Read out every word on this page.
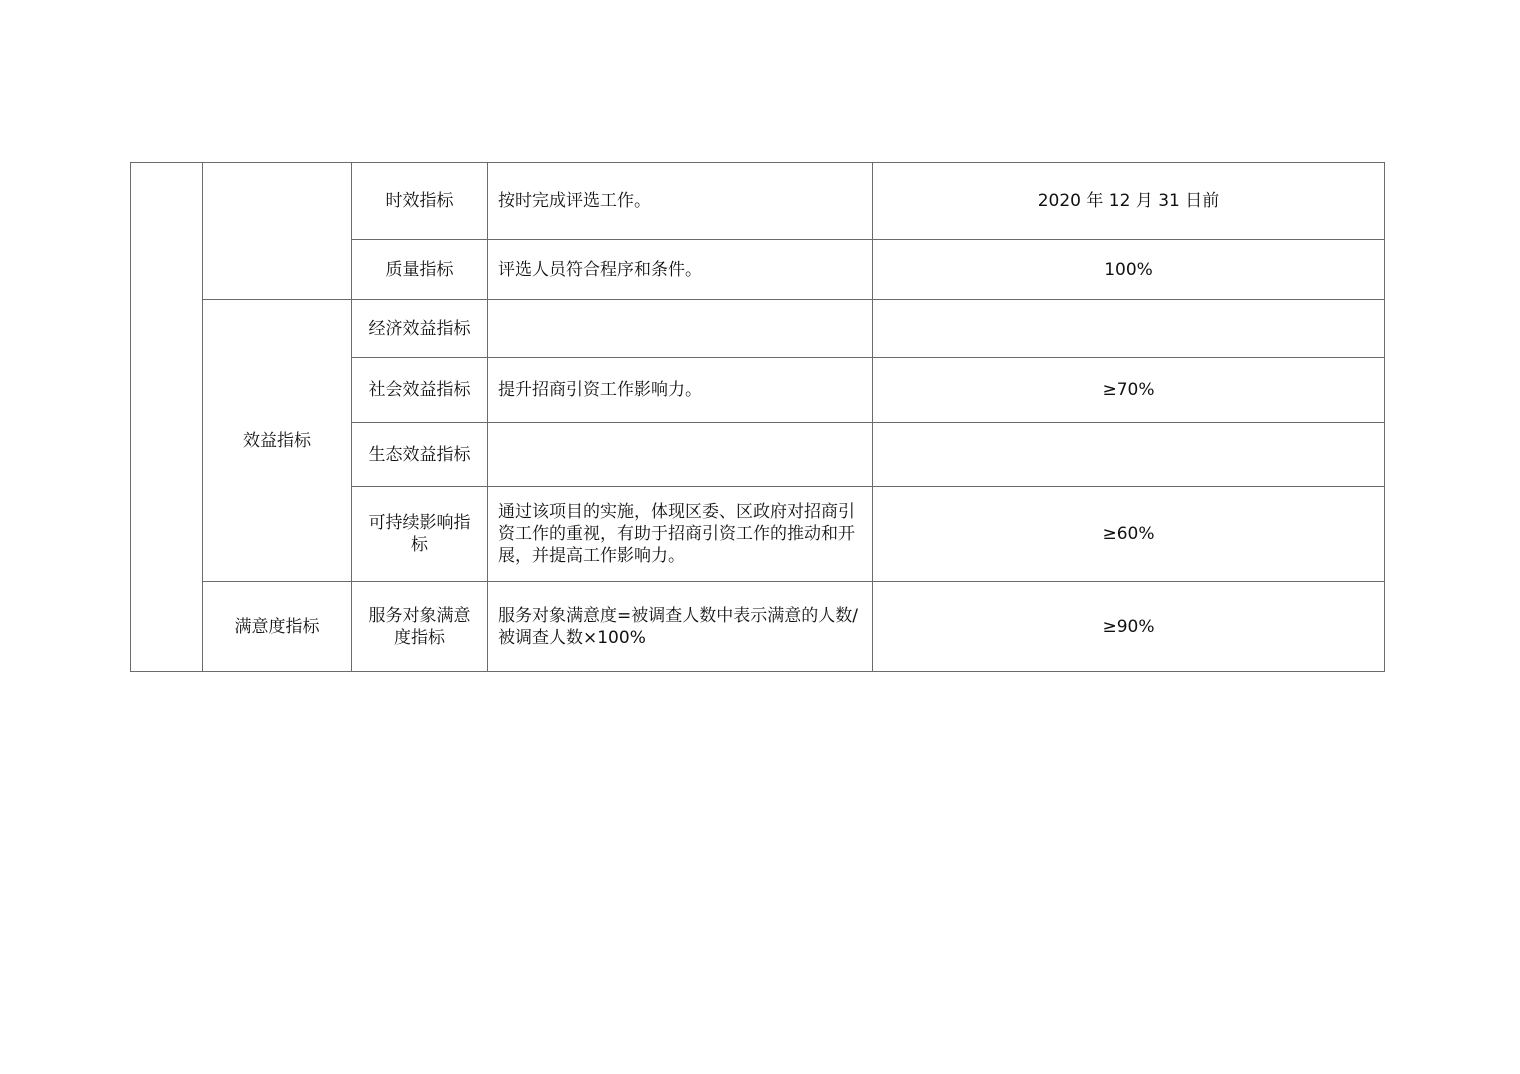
		时效指标	按时完成评选工作。	2020 年 12 月 31 日前
		质量指标	评选人员符合程序和条件。	100%
	效益指标	经济效益指标		
		社会效益指标	提升招商引资工作影响力。	≥70%
		生态效益指标		
		可持续影响指标	通过该项目的实施，体现区委、区政府对招商引资工作的重视，有助于招商引资工作的推动和开展，并提高工作影响力。	≥60%
	满意度指标	服务对象满意度指标	服务对象满意度=被调查人数中表示满意的人数/被调查人数×100%	≥90%
